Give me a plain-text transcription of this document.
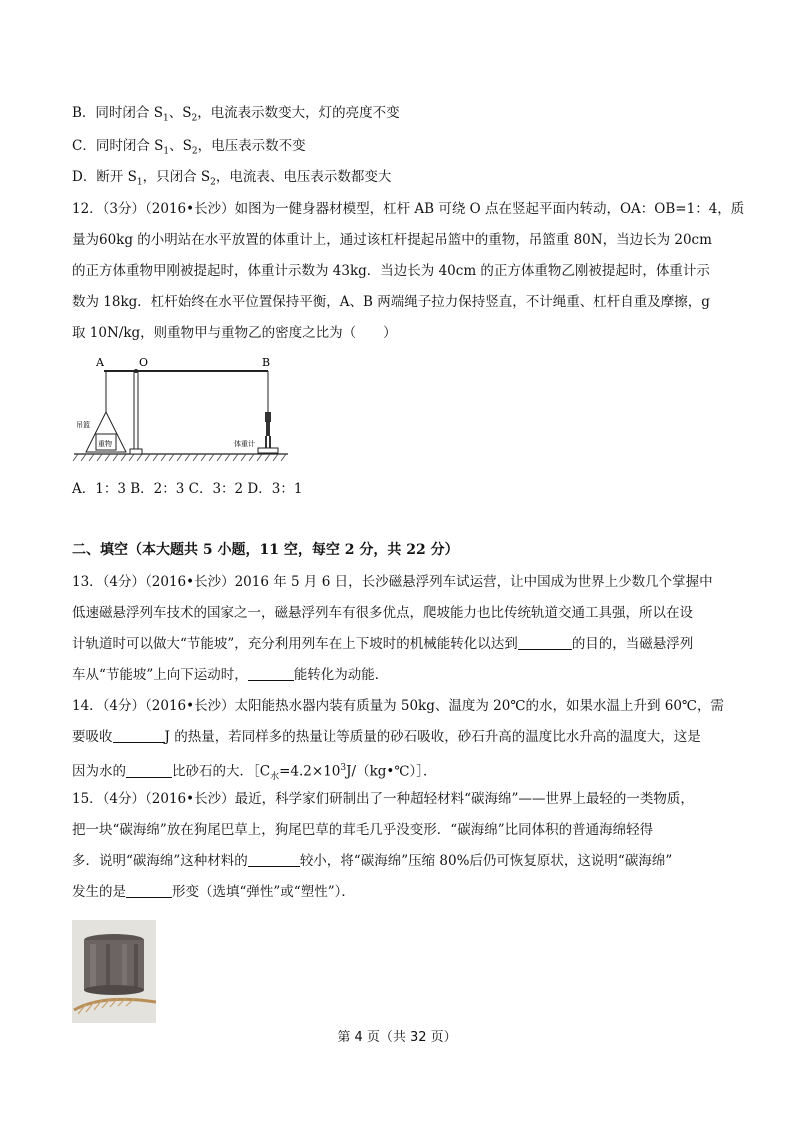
B．同时闭合 $S_1$、$S_2$，电流表示数变大，灯的亮度不变
C．同时闭合 $S_1$、$S_2$，电压表示数不变
D．断开 $S_1$，只闭合 $S_2$，电流表、电压表示数都变大
12．（3分）（2016•长沙）如图为一健身器材模型，杠杆 AB 可绕 O 点在竖起平面内转动，OA：OB=1：4，质
量为60kg 的小明站在水平放置的体重计上，通过该杠杆提起吊篮中的重物，吊篮重 80N，当边长为 20cm
的正方体重物甲刚被提起时，体重计示数为 43kg．当边长为 40cm 的正方体重物乙刚被提起时，体重计示
数为 18kg．杠杆始终在水平位置保持平衡，A、B 两端绳子拉力保持竖直，不计绳重、杠杆自重及摩擦，g
取 10N/kg，则重物甲与重物乙的密度之比为（　　）
A	O	B
吊篮
重物	体重计
A．1：3 B．2：3 C．3：2 D．3：1
二、填空（本大题共 5 小题，11 空，每空 2 分，共 22 分）
13．（4分）（2016•长沙）2016 年 5 月 6 日，长沙磁悬浮列车试运营，让中国成为世界上少数几个掌握中
低速磁悬浮列车技术的国家之一，磁悬浮列车有很多优点，爬坡能力也比传统轨道交通工具强，所以在设
计轨道时可以做大“节能坡”，充分利用列车在上下坡时的机械能转化以达到	的目的，当磁悬浮列
车从“节能坡”上向下运动时，	能转化为动能．
14．（4分）（2016•长沙）太阳能热水器内装有质量为 50kg、温度为 20℃的水，如果水温上升到 60℃，需
要吸收	J 的热量，若同样多的热量让等质量的砂石吸收，砂石升高的温度比水升高的温度大，这是
因为水的	比砂石的大．$[C_水=4.2\times 10^3J/(kg•℃)]$．
15．（4分）（2016•长沙）最近，科学家们研制出了一种超轻材料“碳海绵”——世界上最轻的一类物质，
把一块“碳海绵”放在狗尾巴草上，狗尾巴草的茸毛几乎没变形．“碳海绵”比同体积的普通海绵轻得
多．说明“碳海绵”这种材料的	较小，将“碳海绵”压缩 80%后仍可恢复原状，这说明“碳海绵”
发生的是	形变（选填“弹性”或“塑性”）．
第 4 页（共 32 页）
